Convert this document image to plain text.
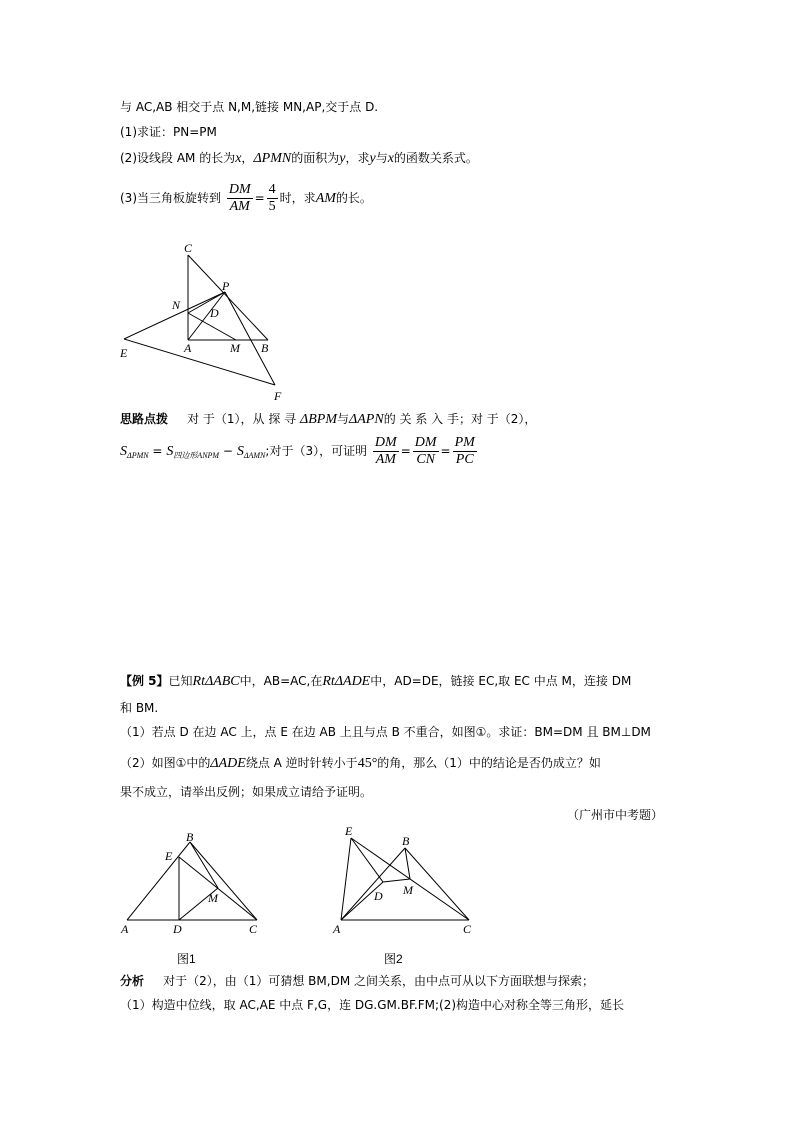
与 AC,AB 相交于点 N,M,链接 MN,AP,交于点 D.
(1)求证：PN=PM
(2)设线段 AM 的长为x，ΔPMN的面积为y，求y与x的函数关系式。
(3)当三角板旋转到 $\frac{DM}{AM} = \frac{4}{5}$ 时，求AM的长。
C
P
N
D
E	A	M B
F
思路点拨 对 于（1），从 探 寻 ΔBPM与ΔAPN的 关 系 入 手；对 于（2），
$S_{\Delta PMN} = S_{四边形ANPM} - S_{\Delta AMN}$;对于（3），可证明 $\frac{DM}{AM} = \frac{DM}{CN} = \frac{PM}{PC}$
【例 5】已知RtΔABC中，AB=AC,在RtΔADE中，AD=DE，链接 EC,取 EC 中点 M，连接 DM
和 BM.
（1）若点 D 在边 AC 上，点 E 在边 AB 上且与点 B 不重合，如图①。求证：BM=DM 且 BM⊥DM
（2）如图①中的ΔADE绕点 A 逆时针转小于45°的角，那么（1）中的结论是否仍成立？如
果不成立，请举出反例；如果成立请给予证明。
（广州市中考题）
B
E
M
A	D	C
图1
E
B
D M
A	C
图2
分析 对于（2），由（1）可猜想 BM,DM 之间关系，由中点可从以下方面联想与探索；
（1）构造中位线，取 AC,AE 中点 F,G，连 DG.GM.BF.FM;(2)构造中心对称全等三角形，延长
